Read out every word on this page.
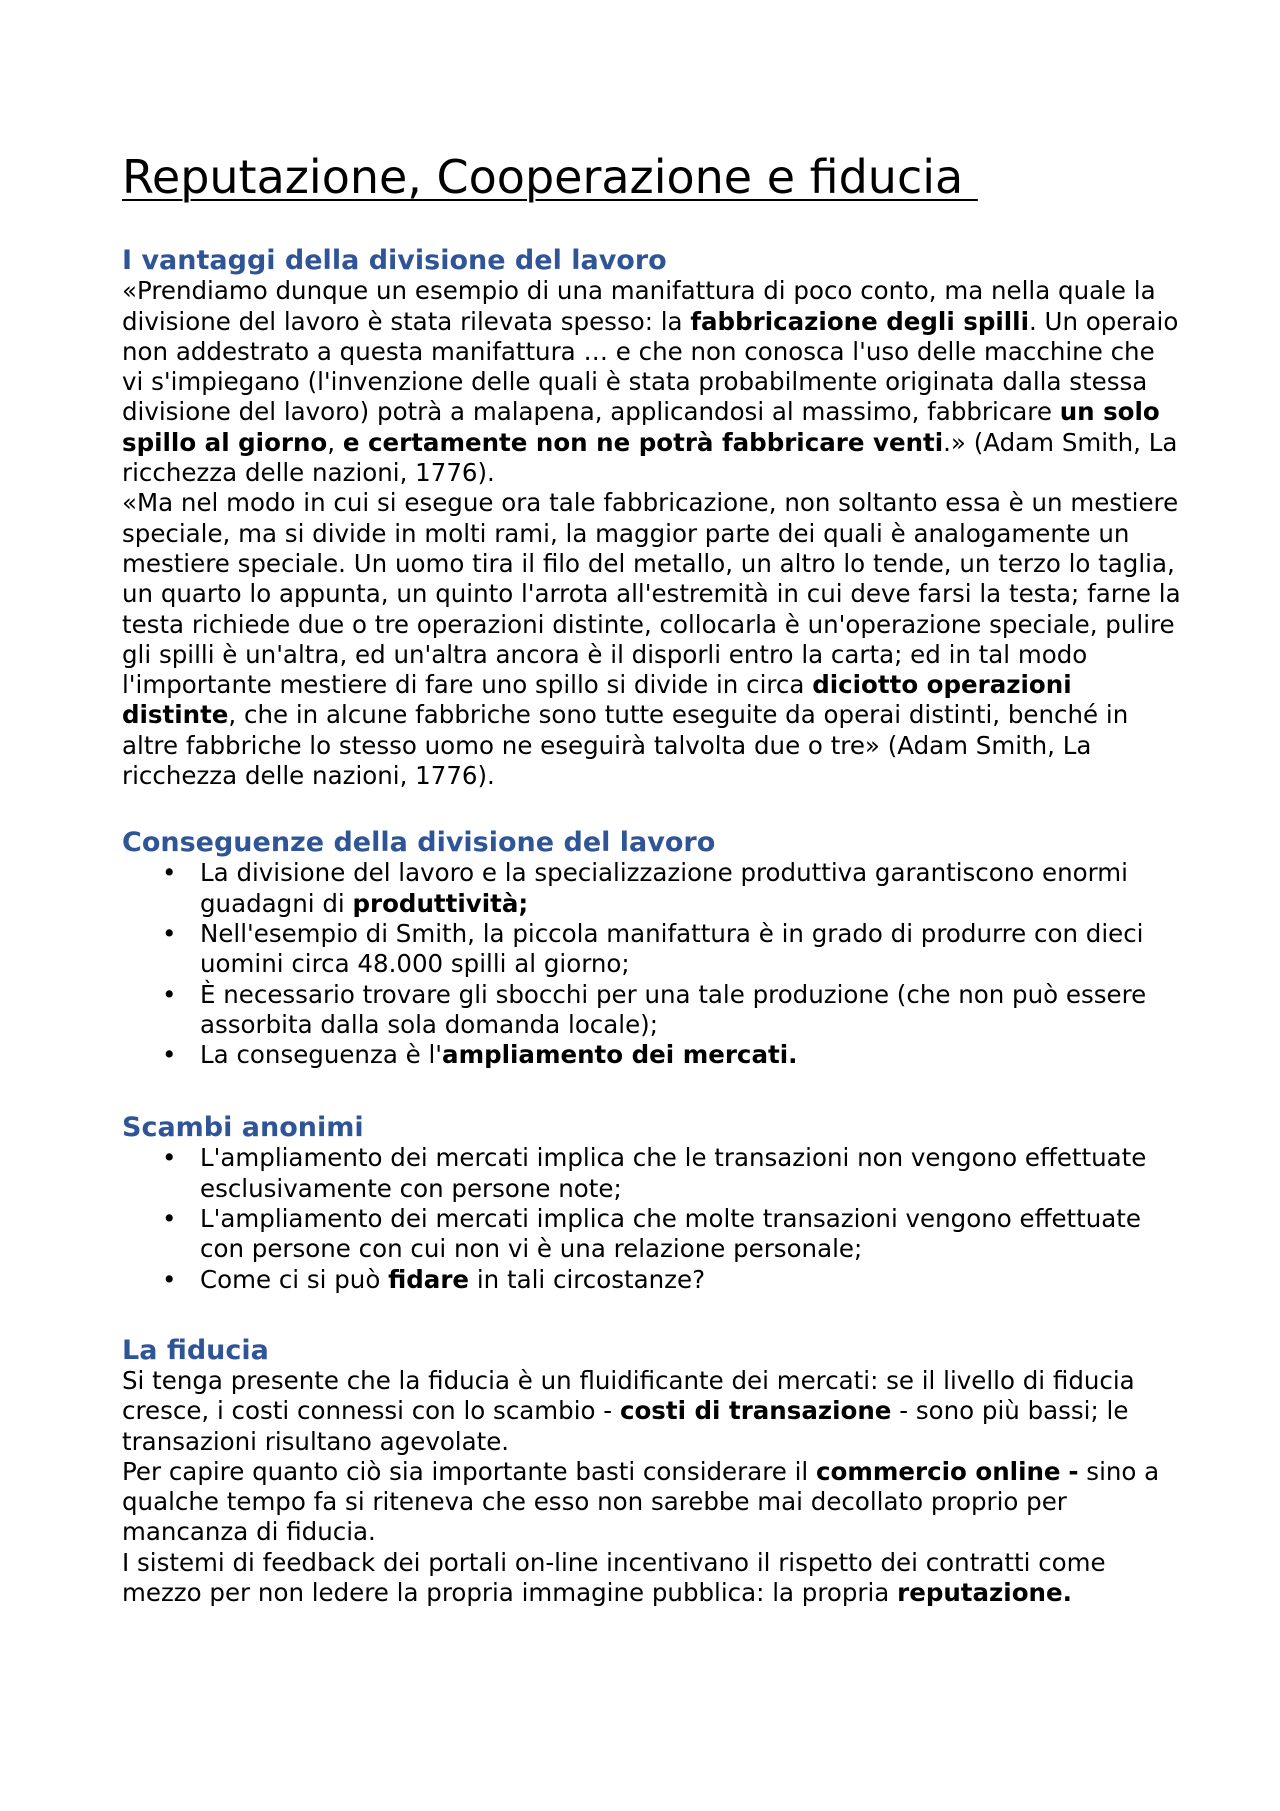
Reputazione, Cooperazione e fiducia
I vantaggi della divisione del lavoro

«Prendiamo dunque un esempio di una manifattura di poco conto, ma nella quale la divisione del lavoro è stata rilevata spesso: la fabbricazione degli spilli. Un operaio non addestrato a questa manifattura … e che non conosca l'uso delle macchine che vi s'impiegano (l'invenzione delle quali è stata probabilmente originata dalla stessa divisione del lavoro) potrà a malapena, applicandosi al massimo, fabbricare un solo spillo al giorno, e certamente non ne potrà fabbricare venti.» (Adam Smith, La ricchezza delle nazioni, 1776).

«Ma nel modo in cui si esegue ora tale fabbricazione, non soltanto essa è un mestiere speciale, ma si divide in molti rami, la maggior parte dei quali è analogamente un mestiere speciale. Un uomo tira il filo del metallo, un altro lo tende, un terzo lo taglia, un quarto lo appunta, un quinto l'arrota all'estremità in cui deve farsi la testa; farne la testa richiede due o tre operazioni distinte, collocarla è un'operazione speciale, pulire gli spilli è un'altra, ed un'altra ancora è il disporli entro la carta; ed in tal modo l'importante mestiere di fare uno spillo si divide in circa diciotto operazioni distinte, che in alcune fabbriche sono tutte eseguite da operai distinti, benché in altre fabbriche lo stesso uomo ne eseguirà talvolta due o tre» (Adam Smith, La ricchezza delle nazioni, 1776).

Conseguenze della divisione del lavoro
• La divisione del lavoro e la specializzazione produttiva garantiscono enormi guadagni di produttività;
• Nell'esempio di Smith, la piccola manifattura è in grado di produrre con dieci uomini circa 48.000 spilli al giorno;
• È necessario trovare gli sbocchi per una tale produzione (che non può essere assorbita dalla sola domanda locale);
• La conseguenza è l'ampliamento dei mercati.
Scambi anonimi
• L'ampliamento dei mercati implica che le transazioni non vengono effettuate esclusivamente con persone note;
• L'ampliamento dei mercati implica che molte transazioni vengono effettuate con persone con cui non vi è una relazione personale;
• Come ci si può fidare in tali circostanze?
La fiducia

Si tenga presente che la fiducia è un fluidificante dei mercati: se il livello di fiducia cresce, i costi connessi con lo scambio - costi di transazione - sono più bassi; le transazioni risultano agevolate.

Per capire quanto ciò sia importante basti considerare il commercio online - sino a qualche tempo fa si riteneva che esso non sarebbe mai decollato proprio per mancanza di fiducia.

I sistemi di feedback dei portali on-line incentivano il rispetto dei contratti come mezzo per non ledere la propria immagine pubblica: la propria reputazione.
